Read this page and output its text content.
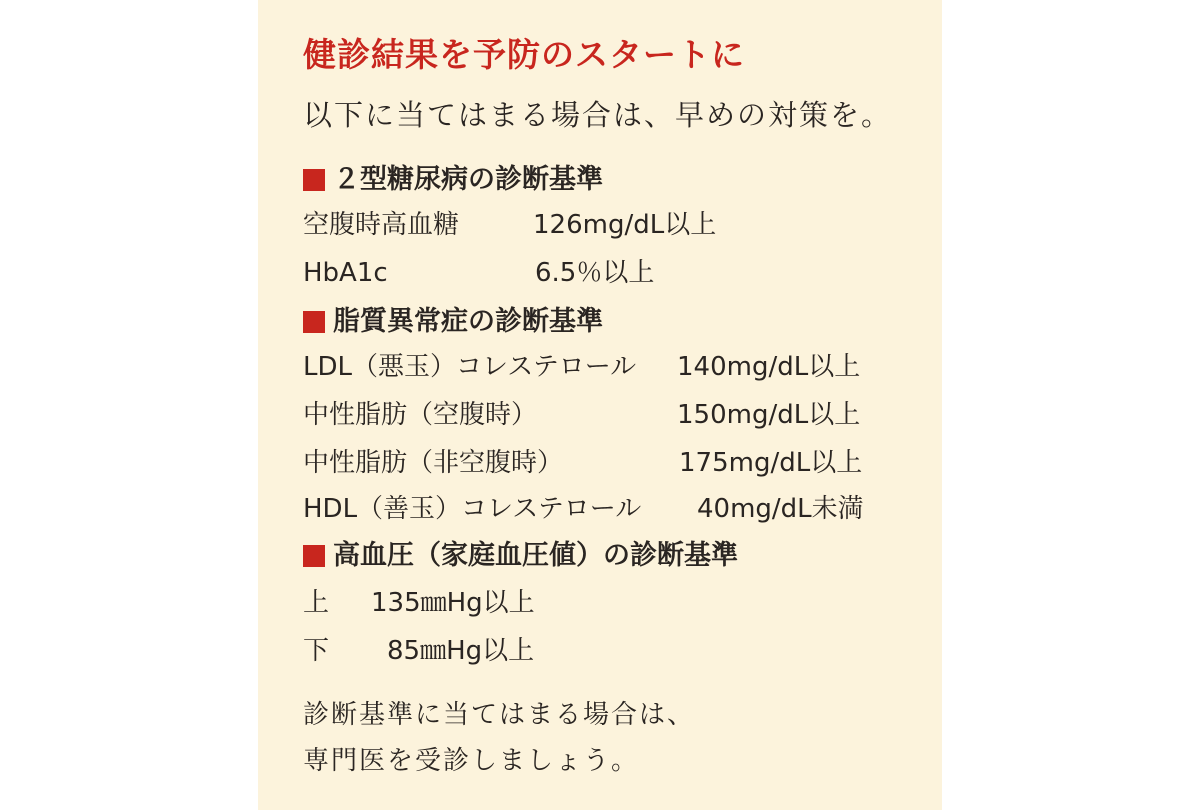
健診結果を予防のスタートに
以下に当てはまる場合は、早めの対策を。
２型糖尿病の診断基準
空腹時高血糖	126mg/dL以上
HbA1c	6.5％以上
脂質異常症の診断基準
LDL（悪玉）コレステロール 140mg/dL以上
中性脂肪（空腹時）	150mg/dL以上
中性脂肪（非空腹時）	175mg/dL以上
HDL（善玉）コレステロール 40mg/dL未満
高血圧（家庭血圧値）の診断基準
上 135㎜Hg以上
下 85㎜Hg以上
診断基準に当てはまる場合は、
専門医を受診しましょう。
